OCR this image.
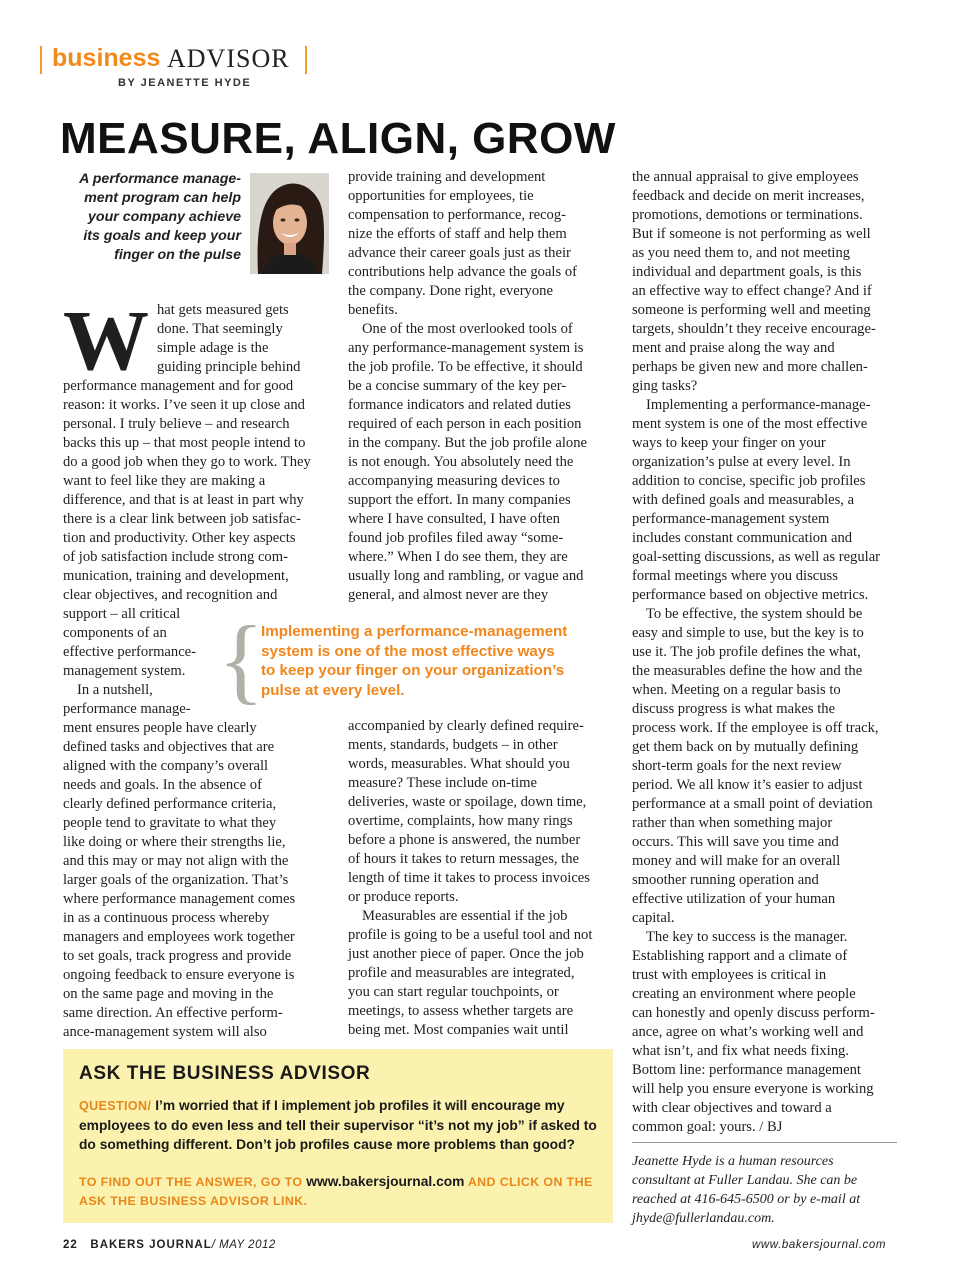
business ADVISOR
BY JEANETTE HYDE
MEASURE, ALIGN, GROW
A performance manage-
ment program can help
your company achieve
its goals and keep your
finger on the pulse
W hat gets measured gets
done. That seemingly
simple adage is the
guiding principle behind
performance management and for good
reason: it works. I’ve seen it up close and
personal. I truly believe – and research
backs this up – that most people intend to
do a good job when they go to work. They
want to feel like they are making a
difference, and that is at least in part why
there is a clear link between job satisfac-
tion and productivity. Other key aspects
of job satisfaction include strong com-
munication, training and development,
clear objectives, and recognition and
support – all critical
components of an
effective performance-
management system.
In a nutshell,
performance manage-
ment ensures people have clearly
defined tasks and objectives that are
aligned with the company’s overall
needs and goals. In the absence of
clearly defined performance criteria,
people tend to gravitate to what they
like doing or where their strengths lie,
and this may or may not align with the
larger goals of the organization. That’s
where performance management comes
in as a continuous process whereby
managers and employees work together
to set goals, track progress and provide
ongoing feedback to ensure everyone is
on the same page and moving in the
same direction. An effective perform-
ance-management system will also
provide training and development
opportunities for employees, tie
compensation to performance, recog-
nize the efforts of staff and help them
advance their career goals just as their
contributions help advance the goals of
the company. Done right, everyone
benefits.
One of the most overlooked tools of
any performance-management system is
the job profile. To be effective, it should
be a concise summary of the key per-
formance indicators and related duties
required of each person in each position
in the company. But the job profile alone
is not enough. You absolutely need the
accompanying measuring devices to
support the effort. In many companies
where I have consulted, I have often
found job profiles filed away “some-
where.” When I do see them, they are
usually long and rambling, or vague and
general, and almost never are they
{
Implementing a performance-management
system is one of the most effective ways
to keep your finger on your organization’s
pulse at every level.
accompanied by clearly defined require-
ments, standards, budgets – in other
words, measurables. What should you
measure? These include on-time
deliveries, waste or spoilage, down time,
overtime, complaints, how many rings
before a phone is answered, the number
of hours it takes to return messages, the
length of time it takes to process invoices
or produce reports.
Measurables are essential if the job
profile is going to be a useful tool and not
just another piece of paper. Once the job
profile and measurables are integrated,
you can start regular touchpoints, or
meetings, to assess whether targets are
being met. Most companies wait until
the annual appraisal to give employees
feedback and decide on merit increases,
promotions, demotions or terminations.
But if someone is not performing as well
as you need them to, and not meeting
individual and department goals, is this
an effective way to effect change? And if
someone is performing well and meeting
targets, shouldn’t they receive encourage-
ment and praise along the way and
perhaps be given new and more challen-
ging tasks?
Implementing a performance-manage-
ment system is one of the most effective
ways to keep your finger on your
organization’s pulse at every level. In
addition to concise, specific job profiles
with defined goals and measurables, a
performance-management system
includes constant communication and
goal-setting discussions, as well as regular
formal meetings where you discuss
performance based on objective metrics.
To be effective, the system should be
easy and simple to use, but the key is to
use it. The job profile defines the what,
the measurables define the how and the
when. Meeting on a regular basis to
discuss progress is what makes the
process work. If the employee is off track,
get them back on by mutually defining
short-term goals for the next review
period. We all know it’s easier to adjust
performance at a small point of deviation
rather than when something major
occurs. This will save you time and
money and will make for an overall
smoother running operation and
effective utilization of your human
capital.
The key to success is the manager.
Establishing rapport and a climate of
trust with employees is critical in
creating an environment where people
can honestly and openly discuss perform-
ance, agree on what’s working well and
what isn’t, and fix what needs fixing.
Bottom line: performance management
will help you ensure everyone is working
with clear objectives and toward a
common goal: yours. / BJ
ASK THE BUSINESS ADVISOR
QUESTION/ I’m worried that if I implement job profiles it will encourage my employees to do even less and tell their supervisor “it’s not my job” if asked to do something different. Don’t job profiles cause more problems than good?
TO FIND OUT THE ANSWER, GO TO www.bakersjournal.com AND CLICK ON THE ASK THE BUSINESS ADVISOR LINK.
Jeanette Hyde is a human resources
consultant at Fuller Landau. She can be
reached at 416-645-6500 or by e-mail at
jhyde@fullerlandau.com.
22 BAKERS JOURNAL/ MAY 2012	www.bakersjournal.com
